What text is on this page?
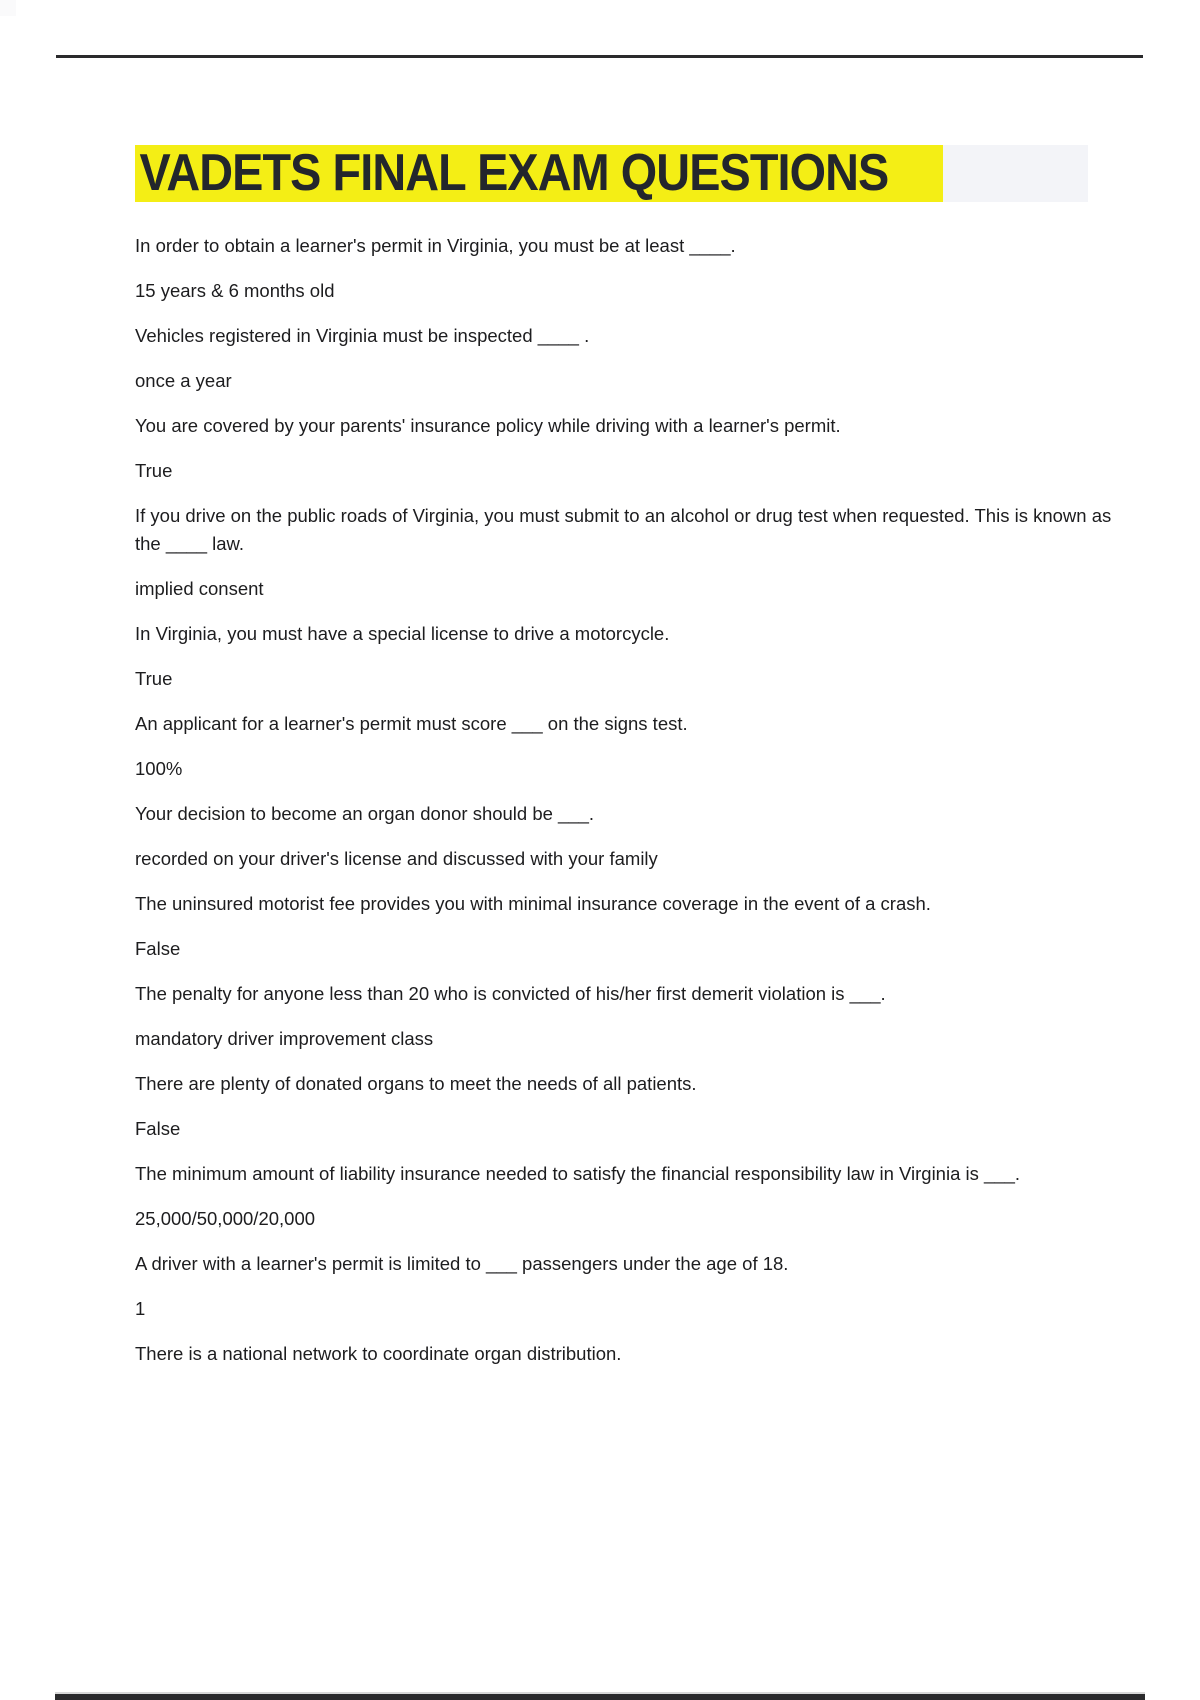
VADETS FINAL EXAM QUESTIONS

In order to obtain a learner's permit in Virginia, you must be at least ____.

15 years & 6 months old

Vehicles registered in Virginia must be inspected ____ .

once a year

You are covered by your parents' insurance policy while driving with a learner's permit.

True

If you drive on the public roads of Virginia, you must submit to an alcohol or drug test when requested. This is known as the ____ law.

implied consent

In Virginia, you must have a special license to drive a motorcycle.

True

An applicant for a learner's permit must score ___ on the signs test.

100%

Your decision to become an organ donor should be ___.

recorded on your driver's license and discussed with your family

The uninsured motorist fee provides you with minimal insurance coverage in the event of a crash.

False

The penalty for anyone less than 20 who is convicted of his/her first demerit violation is ___.

mandatory driver improvement class

There are plenty of donated organs to meet the needs of all patients.

False

The minimum amount of liability insurance needed to satisfy the financial responsibility law in Virginia is ___.

25,000/50,000/20,000

A driver with a learner's permit is limited to ___ passengers under the age of 18.

1

There is a national network to coordinate organ distribution.
